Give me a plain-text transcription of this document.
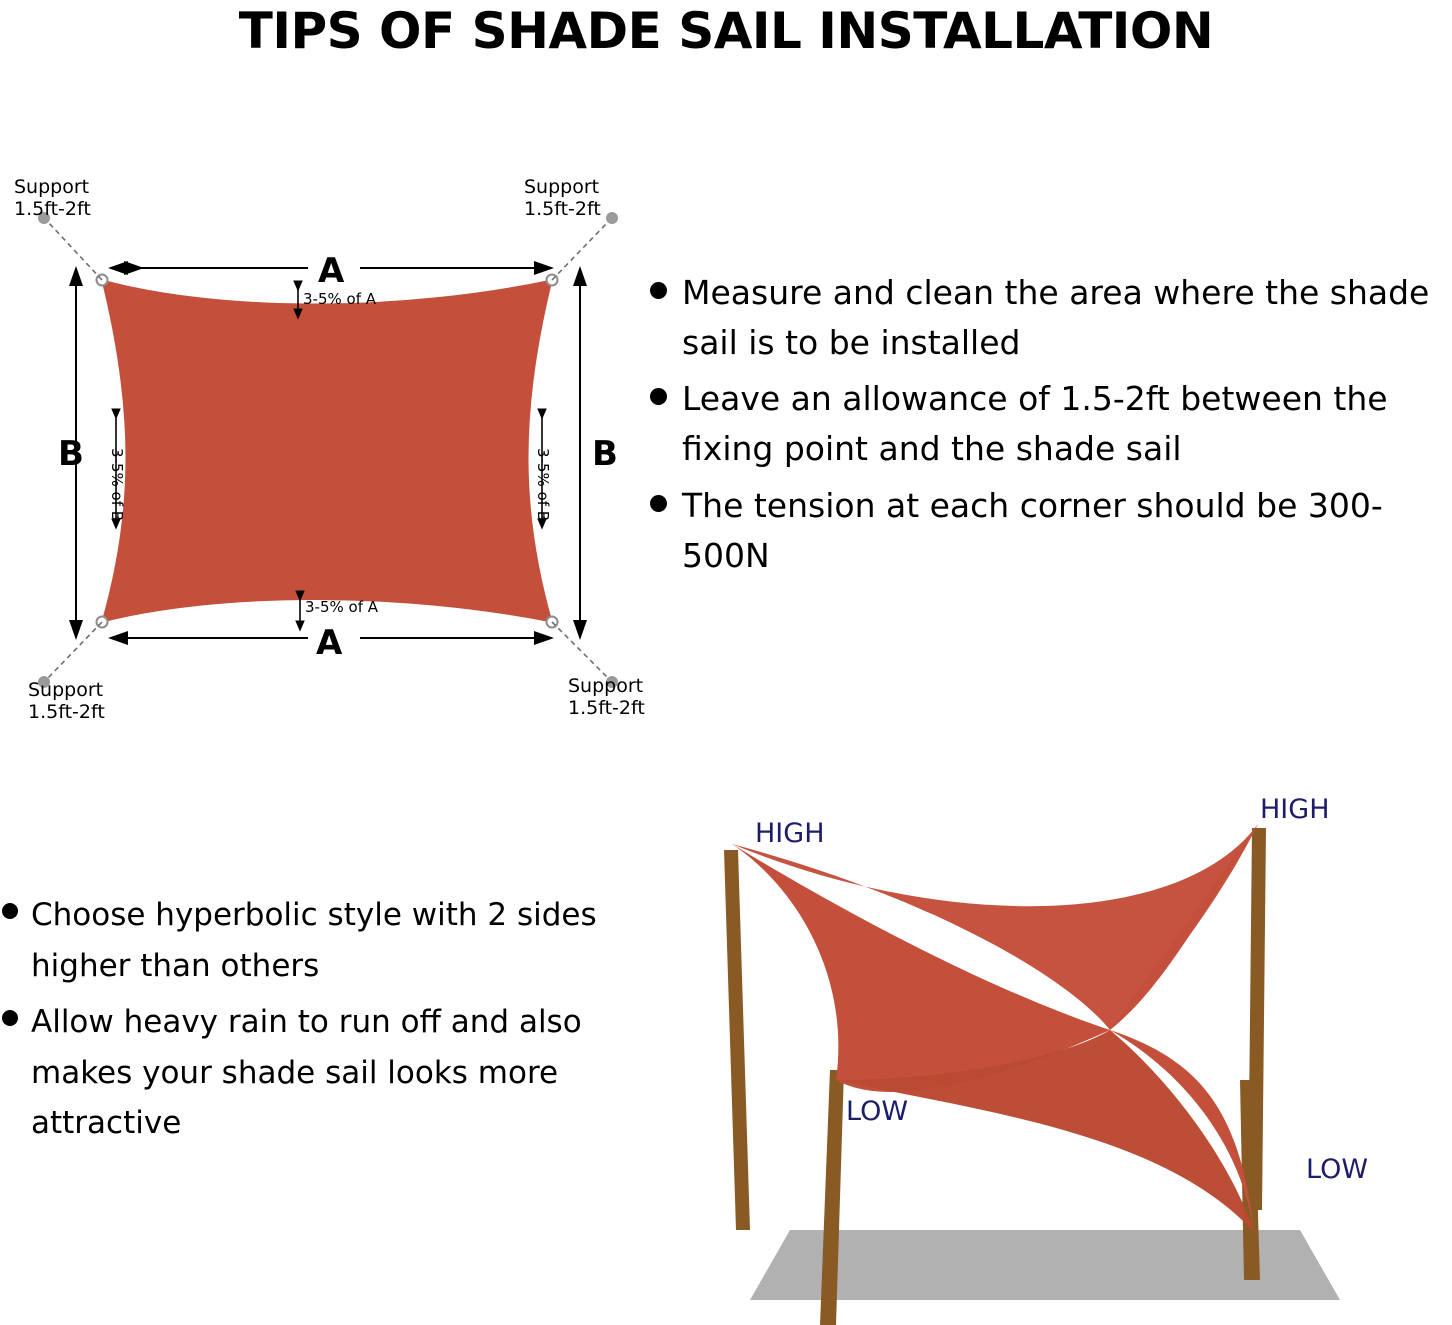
TIPS OF SHADE SAIL INSTALLATION
Support
1.5ft-2ft
Support
1.5ft-2ft
Support
1.5ft-2ft
Support
1.5ft-2ft
A
3-5% of A
A
3-5% of A
B 3-5% of B	B
3-5% of B
Measure and clean the area where the shade sail is to be installed
Leave an allowance of 1.5-2ft between the fixing point and the shade sail
The tension at each corner should be 300-500N
Choose hyperbolic style with 2 sides higher than others
Allow heavy rain to run off and also makes your shade sail looks more attractive
HIGH
HIGH
LOW
LOW
